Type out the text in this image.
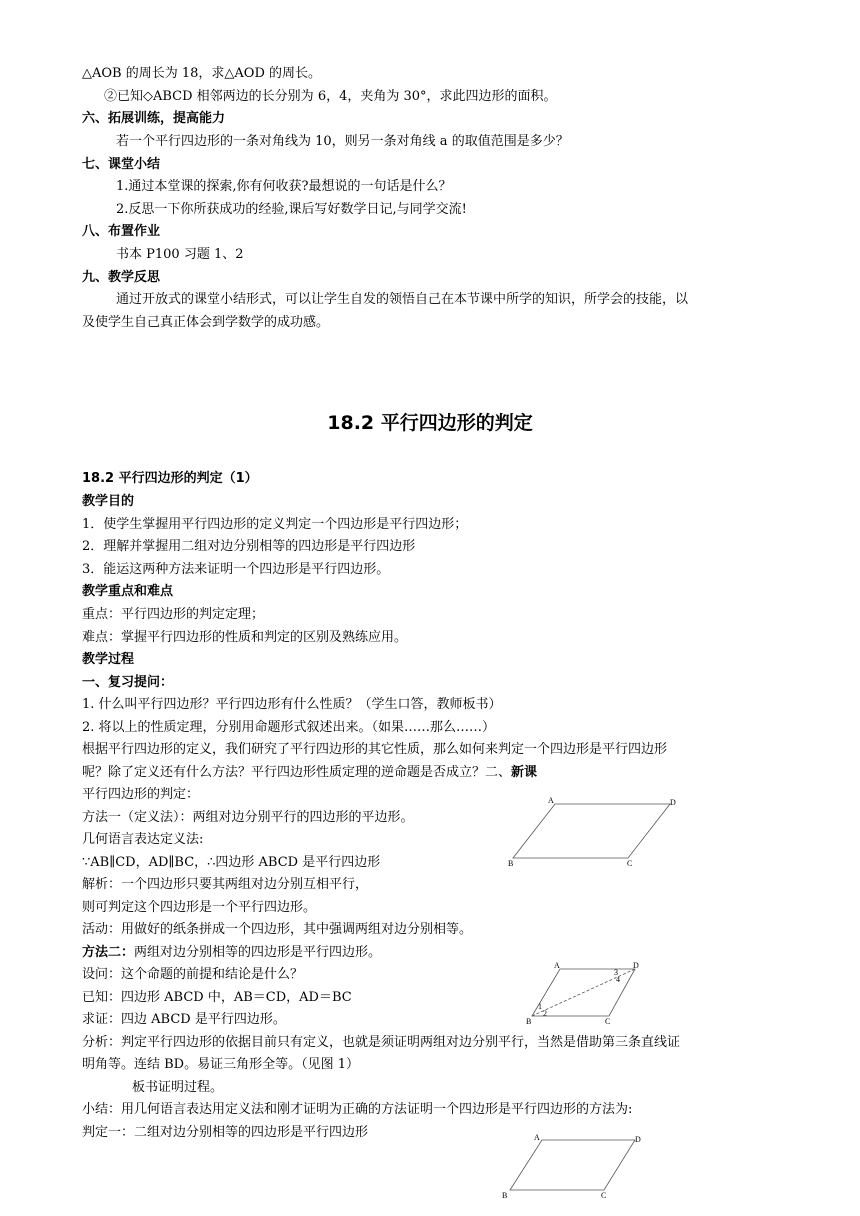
△AOB 的周长为 18，求△AOD 的周长。
②已知◇ABCD 相邻两边的长分别为 6，4，夹角为 30°，求此四边形的面积。
六、拓展训练，提高能力
若一个平行四边形的一条对角线为 10，则另一条对角线 a 的取值范围是多少？
七、课堂小结
1.通过本堂课的探索,你有何收获?最想说的一句话是什么？
2.反思一下你所获成功的经验,课后写好数学日记,与同学交流!
八、布置作业
书本 P100 习题 1、2
九、教学反思
通过开放式的课堂小结形式，可以让学生自发的领悟自己在本节课中所学的知识，所学会的技能，以
及使学生自己真正体会到学数学的成功感。
18.2 平行四边形的判定
18.2 平行四边形的判定（1）
教学目的
1．使学生掌握用平行四边形的定义判定一个四边形是平行四边形；
2．理解并掌握用二组对边分别相等的四边形是平行四边形
3．能运这两种方法来证明一个四边形是平行四边形。
教学重点和难点
重点：平行四边形的判定定理；
难点：掌握平行四边形的性质和判定的区别及熟练应用。
教学过程
一、复习提问：
1. 什么叫平行四边形？平行四边形有什么性质？（学生口答，教师板书）
2. 将以上的性质定理，分别用命题形式叙述出来。（如果……那么……）
根据平行四边形的定义，我们研究了平行四边形的其它性质，那么如何来判定一个四边形是平行四边形
呢？除了定义还有什么方法？平行四边形性质定理的逆命题是否成立？二、新课
平行四边形的判定：
方法一（定义法）：两组对边分别平行的四边形的平边形。
几何语言表达定义法:
∵AB∥CD，AD∥BC，∴四边形 ABCD 是平行四边形
解析：一个四边形只要其两组对边分别互相平行，
则可判定这个四边形是一个平行四边形。
活动：用做好的纸条拼成一个四边形，其中强调两组对边分别相等。
方法二：两组对边分别相等的四边形是平行四边形。
设问：这个命题的前提和结论是什么？
已知：四边形 ABCD 中，AB＝CD，AD＝BC
求证：四边 ABCD 是平行四边形。
分析：判定平行四边形的依据目前只有定义，也就是须证明两组对边分别平行，当然是借助第三条直线证
明角等。连结 BD。易证三角形全等。（见图 1）
板书证明过程。
小结：用几何语言表达用定义法和刚才证明为正确的方法证明一个四边形是平行四边形的方法为:
判定一：二组对边分别相等的四边形是平行四边形
A	D
B	C
A	D
B	C
1
2
3
4
A	D
B	C
